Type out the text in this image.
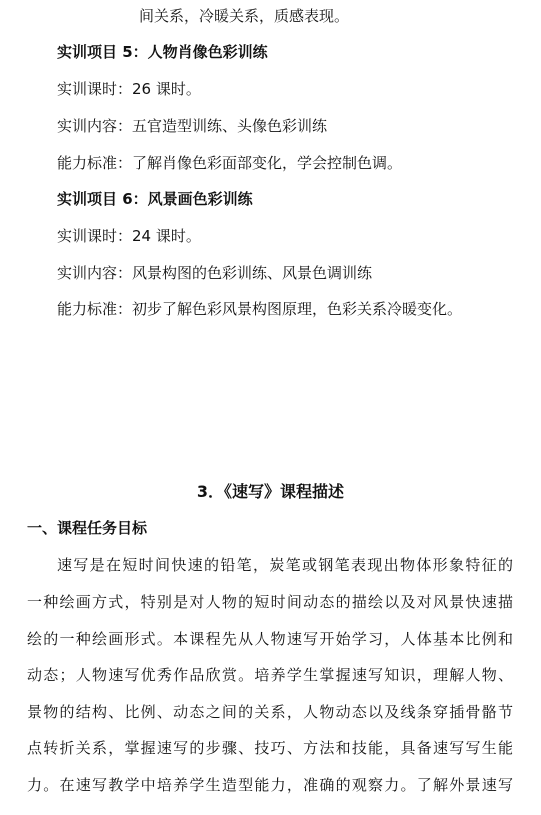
间关系，冷暖关系，质感表现。
实训项目 5：人物肖像色彩训练
实训课时：26 课时。
实训内容：五官造型训练、头像色彩训练
能力标准：了解肖像色彩面部变化，学会控制色调。
实训项目 6：风景画色彩训练
实训课时：24 课时。
实训内容：风景构图的色彩训练、风景色调训练
能力标准：初步了解色彩风景构图原理，色彩关系冷暖变化。
3．《速写》课程描述
一、课程任务目标
速写是在短时间快速的铅笔，炭笔或钢笔表现出物体形象特征的
一种绘画方式，特别是对人物的短时间动态的描绘以及对风景快速描
绘的一种绘画形式。本课程先从人物速写开始学习，人体基本比例和
动态；人物速写优秀作品欣赏。培养学生掌握速写知识，理解人物、
景物的结构、比例、动态之间的关系，人物动态以及线条穿插骨骼节
点转折关系，掌握速写的步骤、技巧、方法和技能，具备速写写生能
力。在速写教学中培养学生造型能力，准确的观察力。了解外景速写
